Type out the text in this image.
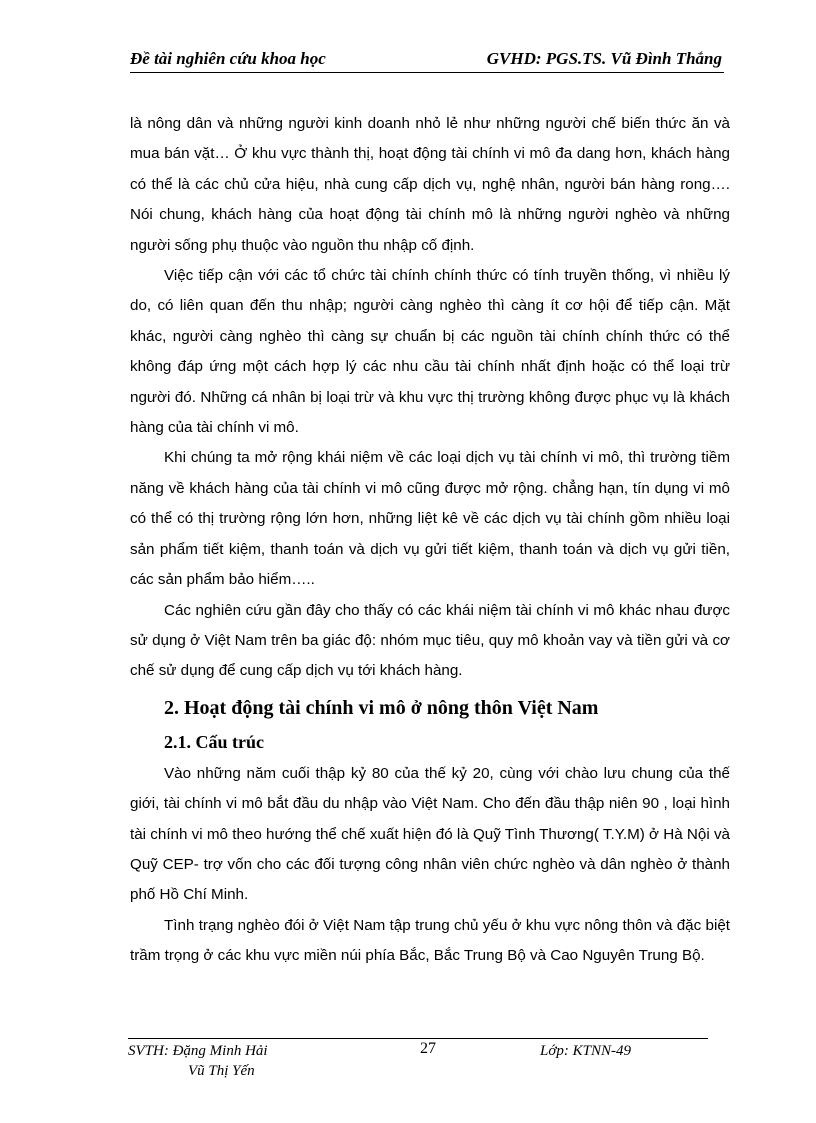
Đề tài nghiên cứu khoa học	GVHD: PGS.TS. Vũ Đình Thắng

là nông dân và những người kinh doanh nhỏ lẻ như những người chế biến thức ăn và mua bán vặt… Ở khu vực thành thị, hoạt động tài chính vi mô đa dang hơn, khách hàng có thể là các chủ cửa hiệu, nhà cung cấp dịch vụ, nghệ nhân, người bán hàng rong…. Nói chung, khách hàng của hoạt động tài chính mô là những người nghèo và những người sống phụ thuộc vào nguồn thu nhập cố định.

Việc tiếp cận với các tổ chức tài chính chính thức có tính truyền thống, vì nhiều lý do, có liên quan đến thu nhập; người càng nghèo thì càng ít cơ hội để tiếp cận. Mặt khác, người càng nghèo thì càng sự chuẩn bị các nguồn tài chính chính thức có thể không đáp ứng một cách hợp lý các nhu cầu tài chính nhất định hoặc có thể loại trừ người đó. Những cá nhân bị loại trừ và khu vực thị trường không được phục vụ là khách hàng của tài chính vi mô.

Khi chúng ta mở rộng khái niệm về các loại dịch vụ tài chính vi mô, thì trường tiềm năng về khách hàng của tài chính vi mô cũng được mở rộng. chẳng hạn, tín dụng vi mô có thể có thị trường rộng lớn hơn, những liệt kê về các dịch vụ tài chính gồm nhiều loại sản phẩm tiết kiệm, thanh toán và dịch vụ gửi tiết kiệm, thanh toán và dịch vụ gửi tiền, các sản phẩm bảo hiểm…..

Các nghiên cứu gần đây cho thấy có các khái niệm tài chính vi mô khác nhau được sử dụng ở Việt Nam trên ba giác độ: nhóm mục tiêu, quy mô khoản vay và tiền gửi và cơ chế sử dụng để cung cấp dịch vụ tới khách hàng.

2. Hoạt động tài chính vi mô ở nông thôn Việt Nam
2.1. Cấu trúc

Vào những năm cuối thập kỷ 80 của thế kỷ 20, cùng với chào lưu chung của thế giới, tài chính vi mô bắt đầu du nhập vào Việt Nam. Cho đến đầu thập niên 90 , loại hình tài chính vi mô theo hướng thể chế xuất hiện đó là Quỹ Tình Thương( T.Y.M) ở Hà Nội và Quỹ CEP- trợ vốn cho các đối tượng công nhân viên chức nghèo và dân nghèo ở thành phố Hồ Chí Minh.

Tình trạng nghèo đói ở Việt Nam tập trung chủ yếu ở khu vực nông thôn và đặc biệt trầm trọng ở các khu vực miền núi phía Bắc, Bắc Trung Bộ và Cao Nguyên Trung Bộ.

SVTH: Đặng Minh Hải
Vũ Thị Yến
27	Lớp: KTNN-49
